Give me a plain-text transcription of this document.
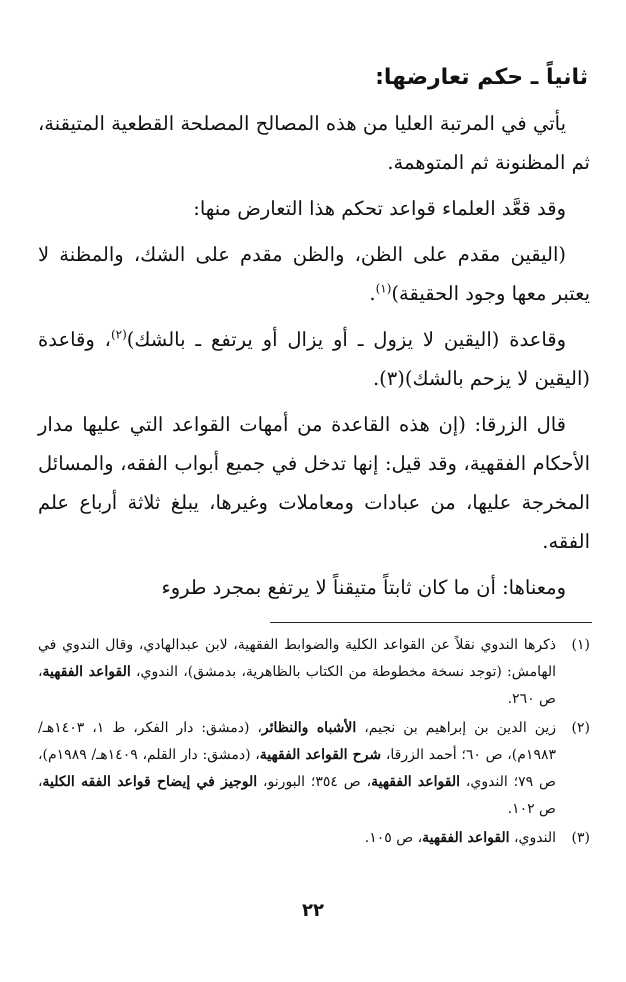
ثانياً ـ حكم تعارضها:

يأتي في المرتبة العليا من هذه المصالح المصلحة القطعية المتيقنة، ثم المظنونة ثم المتوهمة.

وقد قعَّد العلماء قواعد تحكم هذا التعارض منها:

(اليقين مقدم على الظن، والظن مقدم على الشك، والمظنة لا يعتبر معها وجود الحقيقة)$^{(١)}$.

وقاعدة (اليقين لا يزول ـ أو يزال أو يرتفع ـ بالشك)$^{(٢)}$، وقاعدة (اليقين لا يزحم بالشك)(٣).

قال الزرقا: (إن هذه القاعدة من أمهات القواعد التي عليها مدار الأحكام الفقهية، وقد قيل: إنها تدخل في جميع أبواب الفقه، والمسائل المخرجة عليها، من عبادات ومعاملات وغيرها، يبلغ ثلاثة أرباع علم الفقه.

ومعناها: أن ما كان ثابتاً متيقناً لا يرتفع بمجرد طروء

(١)
ذكرها الندوي نقلاً عن القواعد الكلية والضوابط الفقهية، لابن عبدالهادي، وقال الندوي في الهامش: (توجد نسخة مخطوطة من الكتاب بالظاهرية، بدمشق)، الندوي، القواعد الفقهية، ص ٢٦٠.
(٢)
زين الدين بن إبراهيم بن نجيم، الأشباه والنظائر، (دمشق: دار الفكر، ط ١، ١٤٠٣هـ/ ١٩٨٣م)، ص ٦٠؛ أحمد الزرقا، شرح القواعد الفقهية، (دمشق: دار القلم، ١٤٠٩هـ/ ١٩٨٩م)، ص ٧٩؛ الندوي، القواعد الفقهية، ص ٣٥٤؛ البورنو، الوجيز في إيضاح قواعد الفقه الكلية، ص ١٠٢.
(٣)
الندوي، القواعد الفقهية، ص ١٠٥.
٢٢
